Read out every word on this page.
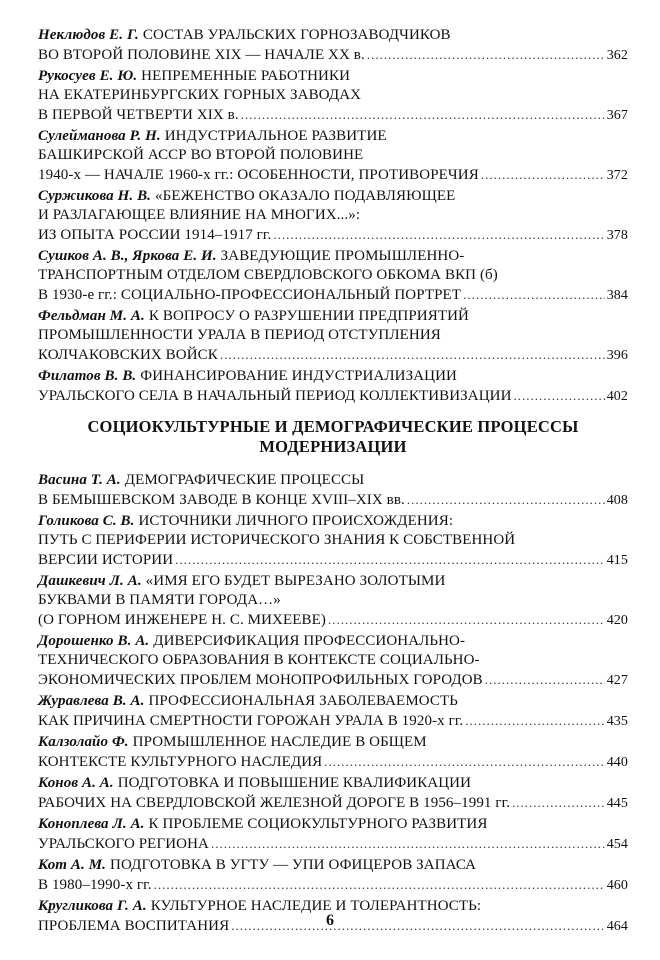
Неклюдов Е. Г. СОСТАВ УРАЛЬСКИХ ГОРНОЗАВОДЧИКОВ
ВО ВТОРОЙ ПОЛОВИНЕ XIX — НАЧАЛЕ XX в. .....	362
Рукосуев Е. Ю. НЕПРЕМЕННЫЕ РАБОТНИКИ
НА ЕКАТЕРИНБУРГСКИХ ГОРНЫХ ЗАВОДАХ
В ПЕРВОЙ ЧЕТВЕРТИ XIX в. .....	367
Сулейманова Р. Н. ИНДУСТРИАЛЬНОЕ РАЗВИТИЕ
БАШКИРСКОЙ АССР ВО ВТОРОЙ ПОЛОВИНЕ
1940-х — НАЧАЛЕ 1960-х гг.: ОСОБЕННОСТИ, ПРОТИВОРЕЧИЯ .....	372
Суржикова Н. В. «БЕЖЕНСТВО ОКАЗАЛО ПОДАВЛЯЮЩЕЕ
И РАЗЛАГАЮЩЕЕ ВЛИЯНИЕ НА МНОГИХ...»:
ИЗ ОПЫТА РОССИИ 1914–1917 гг. .....	378
Сушков А. В., Яркова Е. И. ЗАВЕДУЮЩИЕ ПРОМЫШЛЕННО-
ТРАНСПОРТНЫМ ОТДЕЛОМ СВЕРДЛОВСКОГО ОБКОМА ВКП (б)
В 1930-е гг.: СОЦИАЛЬНО-ПРОФЕССИОНАЛЬНЫЙ ПОРТРЕТ .....	384
Фельдман М. А. К ВОПРОСУ О РАЗРУШЕНИИ ПРЕДПРИЯТИЙ
ПРОМЫШЛЕННОСТИ УРАЛА В ПЕРИОД ОТСТУПЛЕНИЯ
КОЛЧАКОВСКИХ ВОЙСК .....	396
Филатов В. В. ФИНАНСИРОВАНИЕ ИНДУСТРИАЛИЗАЦИИ
УРАЛЬСКОГО СЕЛА В НАЧАЛЬНЫЙ ПЕРИОД КОЛЛЕКТИВИЗАЦИИ .....	402
СОЦИОКУЛЬТУРНЫЕ И ДЕМОГРАФИЧЕСКИЕ ПРОЦЕССЫ МОДЕРНИЗАЦИИ
Васина Т. А. ДЕМОГРАФИЧЕСКИЕ ПРОЦЕССЫ
В БЕМЫШЕВСКОМ ЗАВОДЕ В КОНЦЕ XVIII–XIX вв. .....	408
Голикова С. В. ИСТОЧНИКИ ЛИЧНОГО ПРОИСХОЖДЕНИЯ:
ПУТЬ С ПЕРИФЕРИИ ИСТОРИЧЕСКОГО ЗНАНИЯ К СОБСТВЕННОЙ
ВЕРСИИ ИСТОРИИ .....	415
Дашкевич Л. А. «ИМЯ ЕГО БУДЕТ ВЫРЕЗАНО ЗОЛОТЫМИ
БУКВАМИ В ПАМЯТИ ГОРОДА…»
(О ГОРНОМ ИНЖЕНЕРЕ Н. С. МИХЕЕВЕ) .....	420
Дорошенко В. А. ДИВЕРСИФИКАЦИЯ ПРОФЕССИОНАЛЬНО-
ТЕХНИЧЕСКОГО ОБРАЗОВАНИЯ В КОНТЕКСТЕ СОЦИАЛЬНО-
ЭКОНОМИЧЕСКИХ ПРОБЛЕМ МОНОПРОФИЛЬНЫХ ГОРОДОВ .....	427
Журавлева В. А. ПРОФЕССИОНАЛЬНАЯ ЗАБОЛЕВАЕМОСТЬ
КАК ПРИЧИНА СМЕРТНОСТИ ГОРОЖАН УРАЛА В 1920-х гг. .....	435
Калзолайо Ф. ПРОМЫШЛЕННОЕ НАСЛЕДИЕ В ОБЩЕМ
КОНТЕКСТЕ КУЛЬТУРНОГО НАСЛЕДИЯ .....	440
Конов А. А. ПОДГОТОВКА И ПОВЫШЕНИЕ КВАЛИФИКАЦИИ
РАБОЧИХ НА СВЕРДЛОВСКОЙ ЖЕЛЕЗНОЙ ДОРОГЕ В 1956–1991 гг. .....	445
Коноплева Л. А. К ПРОБЛЕМЕ СОЦИОКУЛЬТУРНОГО РАЗВИТИЯ
УРАЛЬСКОГО РЕГИОНА .....	454
Кот А. М. ПОДГОТОВКА В УГТУ — УПИ ОФИЦЕРОВ ЗАПАСА
В 1980–1990-х гг. .....	460
Кругликова Г. А. КУЛЬТУРНОЕ НАСЛЕДИЕ И ТОЛЕРАНТНОСТЬ:
ПРОБЛЕМА ВОСПИТАНИЯ .....	464
6
